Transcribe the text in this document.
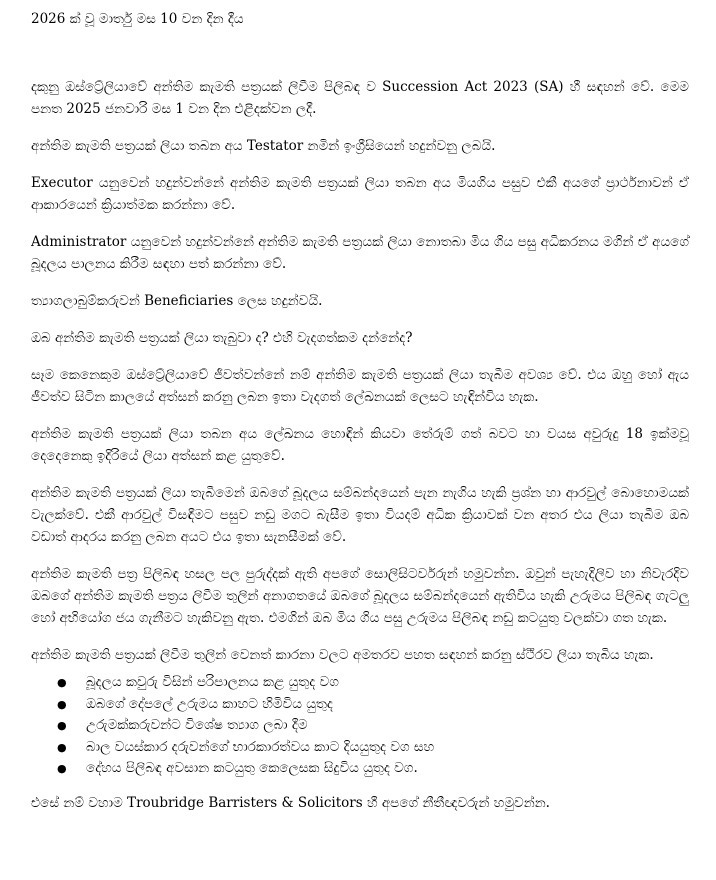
2026 ක් වූ මාර්තු මස 10 වන දින දීය

දකුනු ඔස්ට්‍රේලියාවේ අන්තිම කැමති පත්‍රයක් ලිවීම පිලිබඳ ව Succession Act 2023 (SA) හී සඳහන් වේ. මෙම පනත 2025 ජනවාරි මස 1 වන දින එළිදක්වන ලදී.

අන්තිම කැමති පත්‍රයක් ලියා තබන අය Testator නමින් ඉංග්‍රීසියෙන් හදුන්වනු ලබයි.

Executor යනුවෙන් හදුන්වන්නේ අන්තිම කැමති පත්‍රයක් ලියා තබන අය මියගිය පසුව එකී අයගේ ප්‍රාර්ථනාවන් ඒ ආකාරයෙන් ක්‍රියාත්මක කරන්නා වේ.

Administrator යනුවෙන් හදුන්වන්නේ අන්තිම කැමති පත්‍රයක් ලියා නොතබා මිය ගිය පසු අධිකරනය මගින් ඒ අයගේ බූදලය පාලනය කිරීම සඳහා පත් කරන්නා වේ.

ත්‍යාගලාබුම්කරුවන් Beneficiaries ලෙස හදුන්වයි.

ඔබ අන්තිම කැමති පත්‍රයක් ලියා තැබුවා ද? එහි වැදගත්කම දන්නේද?

සෑම කෙනෙකුම ඔස්ට්‍රේලියාවේ ජීවත්වන්නේ නම් අන්තිම කැමති පත්‍රයක් ලියා තැබීම අවශ්‍ය වේ. එය ඔහු හෝ ඇය ජීවත්ව සිටින කාලයේ අත්සන් කරනු ලබන ඉතා වැදගත් ලේඛනයක් ලෙසට හැඳින්විය හැක.

අන්තිම කැමති පත්‍රයක් ලියා තබන අය ලේඛනය හොඳින් කියවා තේරුම් ගත් බවට හා වයස අවුරුදු 18 ඉක්මවූ දෙදෙනෙකු ඉදිරියේ ලියා අත්සන් කළ යුතුවේ.

අන්තිම කැමති පත්‍රයක් ලියා තැබීමෙන් ඔබගේ බූදලය සම්බන්දයෙන් පැන නැගිය හැකි ප්‍රශ්න හා ආරවුල් බොහොමයක් වැලක්වේ. එකී ආරවුල් විසඳීමට පසුව නඩු මගට බැසීම ඉතා වියදම් අධික ක්‍රියාවක් වන අතර එය ලියා තැබීම ඔබ වඩාත් ආදරය කරනු ලබන අයට එය ඉතා සැනසීමක් වේ.

අන්තිම කැමති පත්‍ර පිලිබඳ හසල පල පුරුද්දක් ඇති අපගේ සොලිසිටර්වරුන් හමුවන්න. ඔවුන් පැහැදිලිව හා නිවැරදිව ඔබගේ අන්තිම කැමති පත්‍රය ලිවීම තුලින් අනාගතයේ ඔබගේ බූදලය සම්බන්දයෙන් ඇතිවිය හැකි උරුමය පිලිබඳ ගැටලු හෝ අභියෝග ජය ගැනීමට හැකිවනු ඇත. එමගින් ඔබ මිය ගිය පසු උරුමය පිලිබඳ නඩු කටයුතු වලක්වා ගත හැක.

අන්තිම කැමති පත්‍රයක් ලිවීම තුලින් වෙනත් කාරනා වලට අමතරව පහත සඳහන් කරනු ස්ථිරව ලියා තැබිය හැක.

● බූදලය කවුරු විසින් පරිපාලනය කළ යුතුද වග
● ඔබගේ දේපලේ උරුමය කාහට හිමිවිය යුතුද
● උරුමක්කරුවන්ට විශේෂ ත්‍යාග ලබා දීම
● බාල වයස්කාර දරුවන්ගේ භාරකාරත්වය කාට දියයුතුද වග සහ
● දේහය පිලිබඳ අවසාන කටයුතු කෙලෙසක සිදුවිය යුතුද වග.

එසේ නම් වහාම Troubridge Barristers & Solicitors හී අපගේ නීතීඥවරුන් හමුවන්න.
